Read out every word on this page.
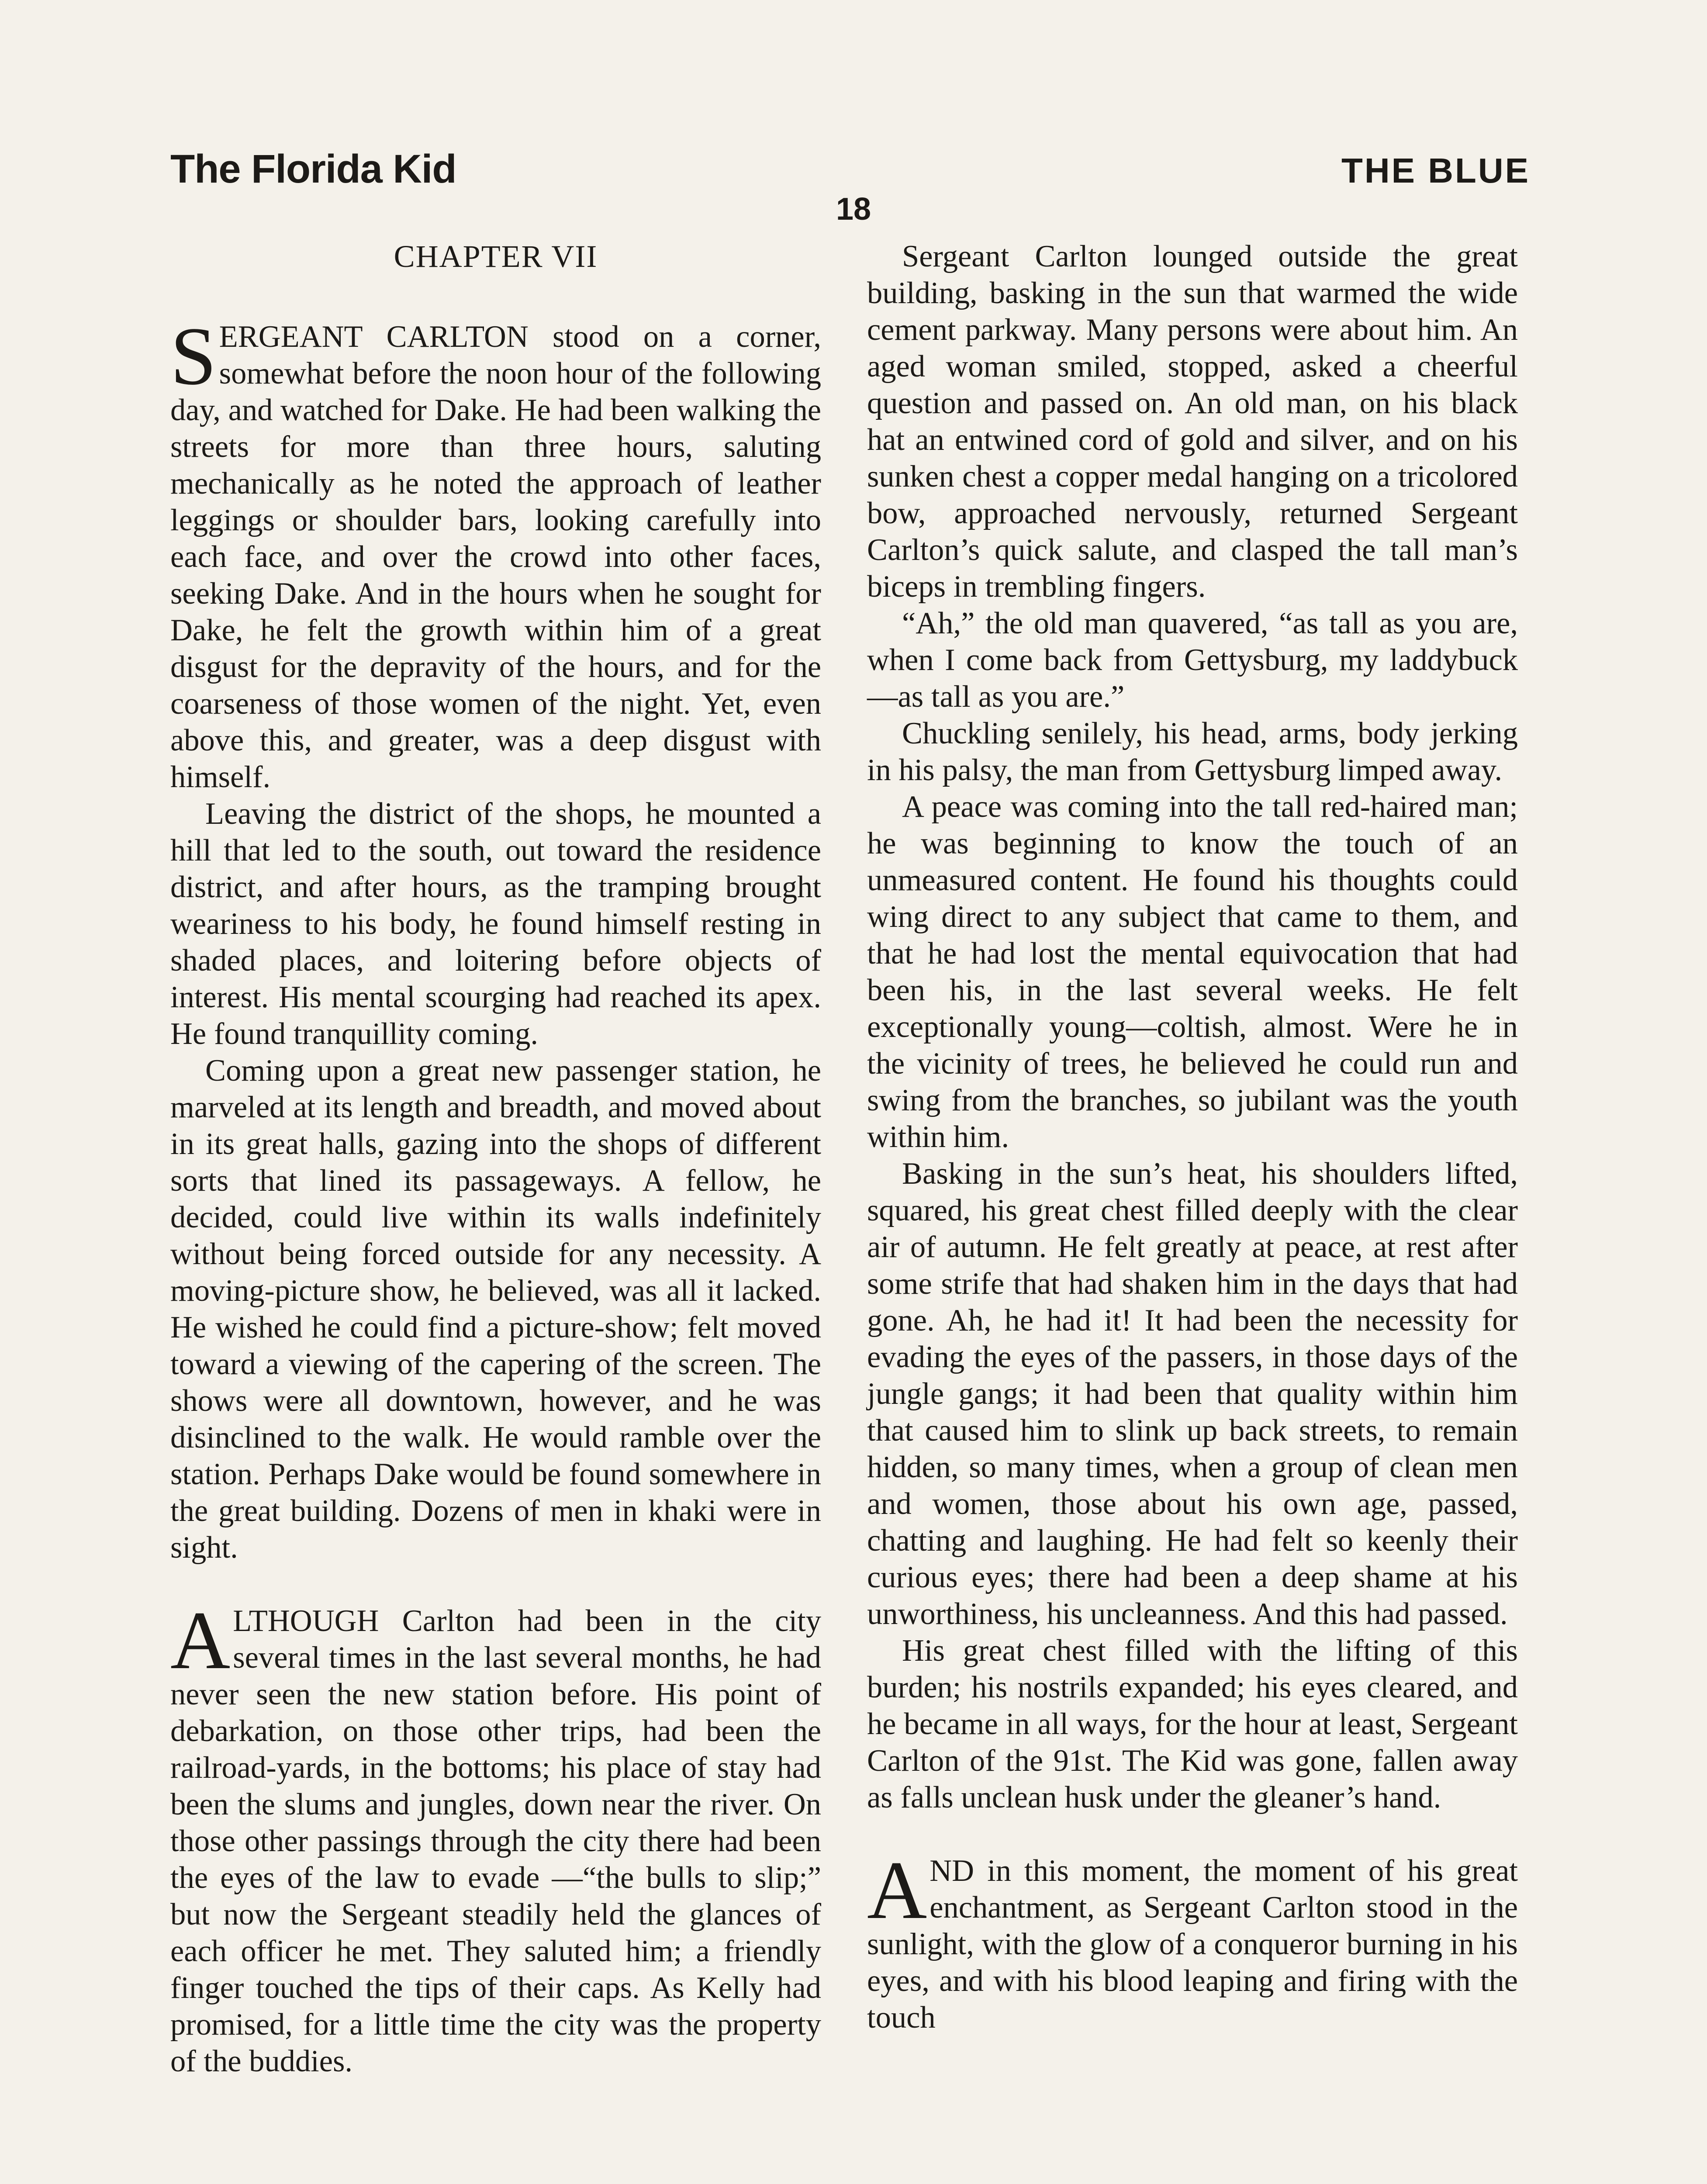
The Florida Kid	THE BLUE
18
CHAPTER VII

SERGEANT CARLTON stood on a corner, somewhat before the noon hour of the following day, and watched for Dake. He had been walking the streets for more than three hours, saluting mechanically as he noted the approach of leather leggings or shoulder bars, looking carefully into each face, and over the crowd into other faces, seeking Dake. And in the hours when he sought for Dake, he felt the growth within him of a great disgust for the depravity of the hours, and for the coarseness of those women of the night. Yet, even above this, and greater, was a deep disgust with himself.

Leaving the district of the shops, he mounted a hill that led to the south, out toward the residence district, and after hours, as the tramping brought weariness to his body, he found himself resting in shaded places, and loitering before objects of interest. His mental scourging had reached its apex. He found tranquillity coming.

Coming upon a great new passenger station, he marveled at its length and breadth, and moved about in its great halls, gazing into the shops of different sorts that lined its passageways. A fellow, he decided, could live within its walls indefinitely without being forced outside for any necessity. A moving-picture show, he believed, was all it lacked. He wished he could find a picture-show; felt moved toward a viewing of the capering of the screen. The shows were all downtown, however, and he was disinclined to the walk. He would ramble over the station. Perhaps Dake would be found somewhere in the great building. Dozens of men in khaki were in sight.

ALTHOUGH Carlton had been in the city several times in the last several months, he had never seen the new station before. His point of debarkation, on those other trips, had been the railroad-yards, in the bottoms; his place of stay had been the slums and jungles, down near the river. On those other passings through the city there had been the eyes of the law to evade —“the bulls to slip;” but now the Sergeant steadily held the glances of each officer he met. They saluted him; a friendly finger touched the tips of their caps. As Kelly had promised, for a little time the city was the property of the buddies.

Sergeant Carlton lounged outside the great building, basking in the sun that warmed the wide cement parkway. Many persons were about him. An aged woman smiled, stopped, asked a cheerful question and passed on. An old man, on his black hat an entwined cord of gold and silver, and on his sunken chest a copper medal hanging on a tricolored bow, approached nervously, returned Sergeant Carlton’s quick salute, and clasped the tall man’s biceps in trembling fingers.

“Ah,” the old man quavered, “as tall as you are, when I come back from Gettysburg, my laddybuck—as tall as you are.”

Chuckling senilely, his head, arms, body jerking in his palsy, the man from Gettysburg limped away.

A peace was coming into the tall red-haired man; he was beginning to know the touch of an unmeasured content. He found his thoughts could wing direct to any subject that came to them, and that he had lost the mental equivocation that had been his, in the last several weeks. He felt exceptionally young—coltish, almost. Were he in the vicinity of trees, he believed he could run and swing from the branches, so jubilant was the youth within him.

Basking in the sun’s heat, his shoulders lifted, squared, his great chest filled deeply with the clear air of autumn. He felt greatly at peace, at rest after some strife that had shaken him in the days that had gone. Ah, he had it! It had been the necessity for evading the eyes of the passers, in those days of the jungle gangs; it had been that quality within him that caused him to slink up back streets, to remain hidden, so many times, when a group of clean men and women, those about his own age, passed, chatting and laughing. He had felt so keenly their curious eyes; there had been a deep shame at his unworthiness, his uncleanness. And this had passed.

His great chest filled with the lifting of this burden; his nostrils expanded; his eyes cleared, and he became in all ways, for the hour at least, Sergeant Carlton of the 91st. The Kid was gone, fallen away as falls unclean husk under the gleaner’s hand.

AND in this moment, the moment of his great enchantment, as Sergeant Carlton stood in the sunlight, with the glow of a conqueror burning in his eyes, and with his blood leaping and firing with the touch
